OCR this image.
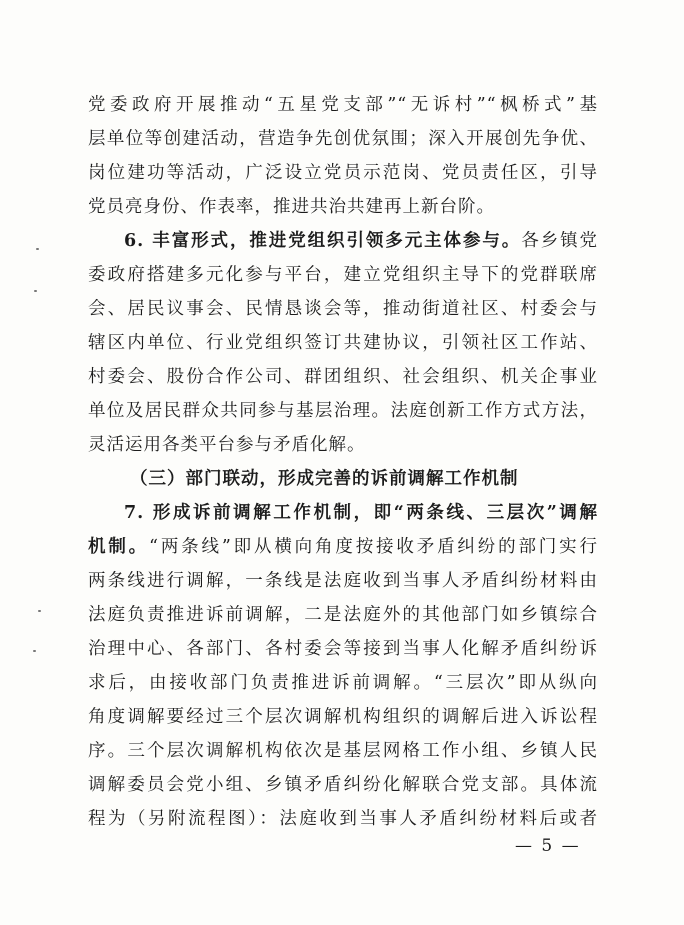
党委政府开展推动“五星党支部”“无诉村”“枫桥式”基
层单位等创建活动，营造争先创优氛围；深入开展创先争优、
岗位建功等活动，广泛设立党员示范岗、党员责任区，引导
党员亮身份、作表率，推进共治共建再上新台阶。
6. 丰富形式，推进党组织引领多元主体参与。各乡镇党
委政府搭建多元化参与平台，建立党组织主导下的党群联席
会、居民议事会、民情恳谈会等，推动街道社区、村委会与
辖区内单位、行业党组织签订共建协议，引领社区工作站、
村委会、股份合作公司、群团组织、社会组织、机关企事业
单位及居民群众共同参与基层治理。法庭创新工作方式方法，
灵活运用各类平台参与矛盾化解。
（三）部门联动，形成完善的诉前调解工作机制
7. 形成诉前调解工作机制，即“两条线、三层次”调解
机制。“两条线”即从横向角度按接收矛盾纠纷的部门实行
两条线进行调解，一条线是法庭收到当事人矛盾纠纷材料由
法庭负责推进诉前调解，二是法庭外的其他部门如乡镇综合
治理中心、各部门、各村委会等接到当事人化解矛盾纠纷诉
求后，由接收部门负责推进诉前调解。“三层次”即从纵向
角度调解要经过三个层次调解机构组织的调解后进入诉讼程
序。三个层次调解机构依次是基层网格工作小组、乡镇人民
调解委员会党小组、乡镇矛盾纠纷化解联合党支部。具体流
程为（另附流程图）：法庭收到当事人矛盾纠纷材料后或者
— 5 —
